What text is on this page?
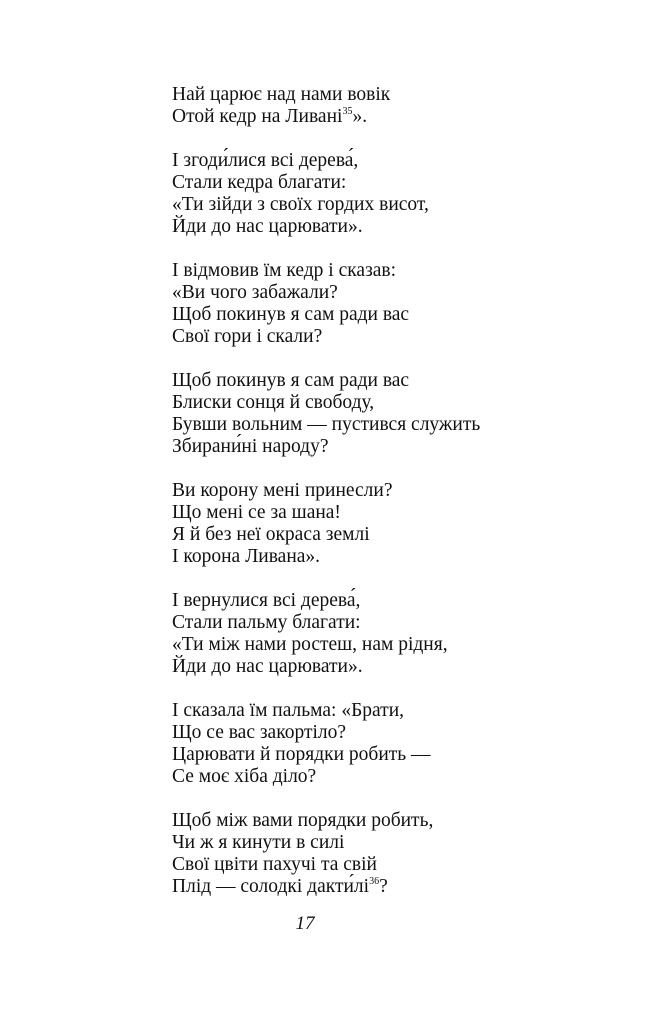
Най царює над нами вовік
Отой кедр на Ливані$^{35}$».
І згоди́лися всі дерева́,
Стали кедра благати:
«Ти зійди з своїх гордих висот,
Йди до нас царювати».
І відмовив їм кедр і сказав:
«Ви чого забажали?
Щоб покинув я сам ради вас
Свої гори і скали?
Щоб покинув я сам ради вас
Блиски сонця й свободу,
Бувши вольним — пустився служить
Збирани́ні народу?
Ви корону мені принесли?
Що мені се за шана!
Я й без неї окраса землі
І корона Ливана».
І вернулися всі дерева́,
Стали пальму благати:
«Ти між нами ростеш, нам рідня,
Йди до нас царювати».
І сказала їм пальма: «Брати,
Що се вас закортіло?
Царювати й порядки робить —
Се моє хіба діло?
Щоб між вами порядки робить,
Чи ж я кинути в силі
Свої цвіти пахучі та свій
Плід — солодкі $дакти́лі^{36}$?
17
